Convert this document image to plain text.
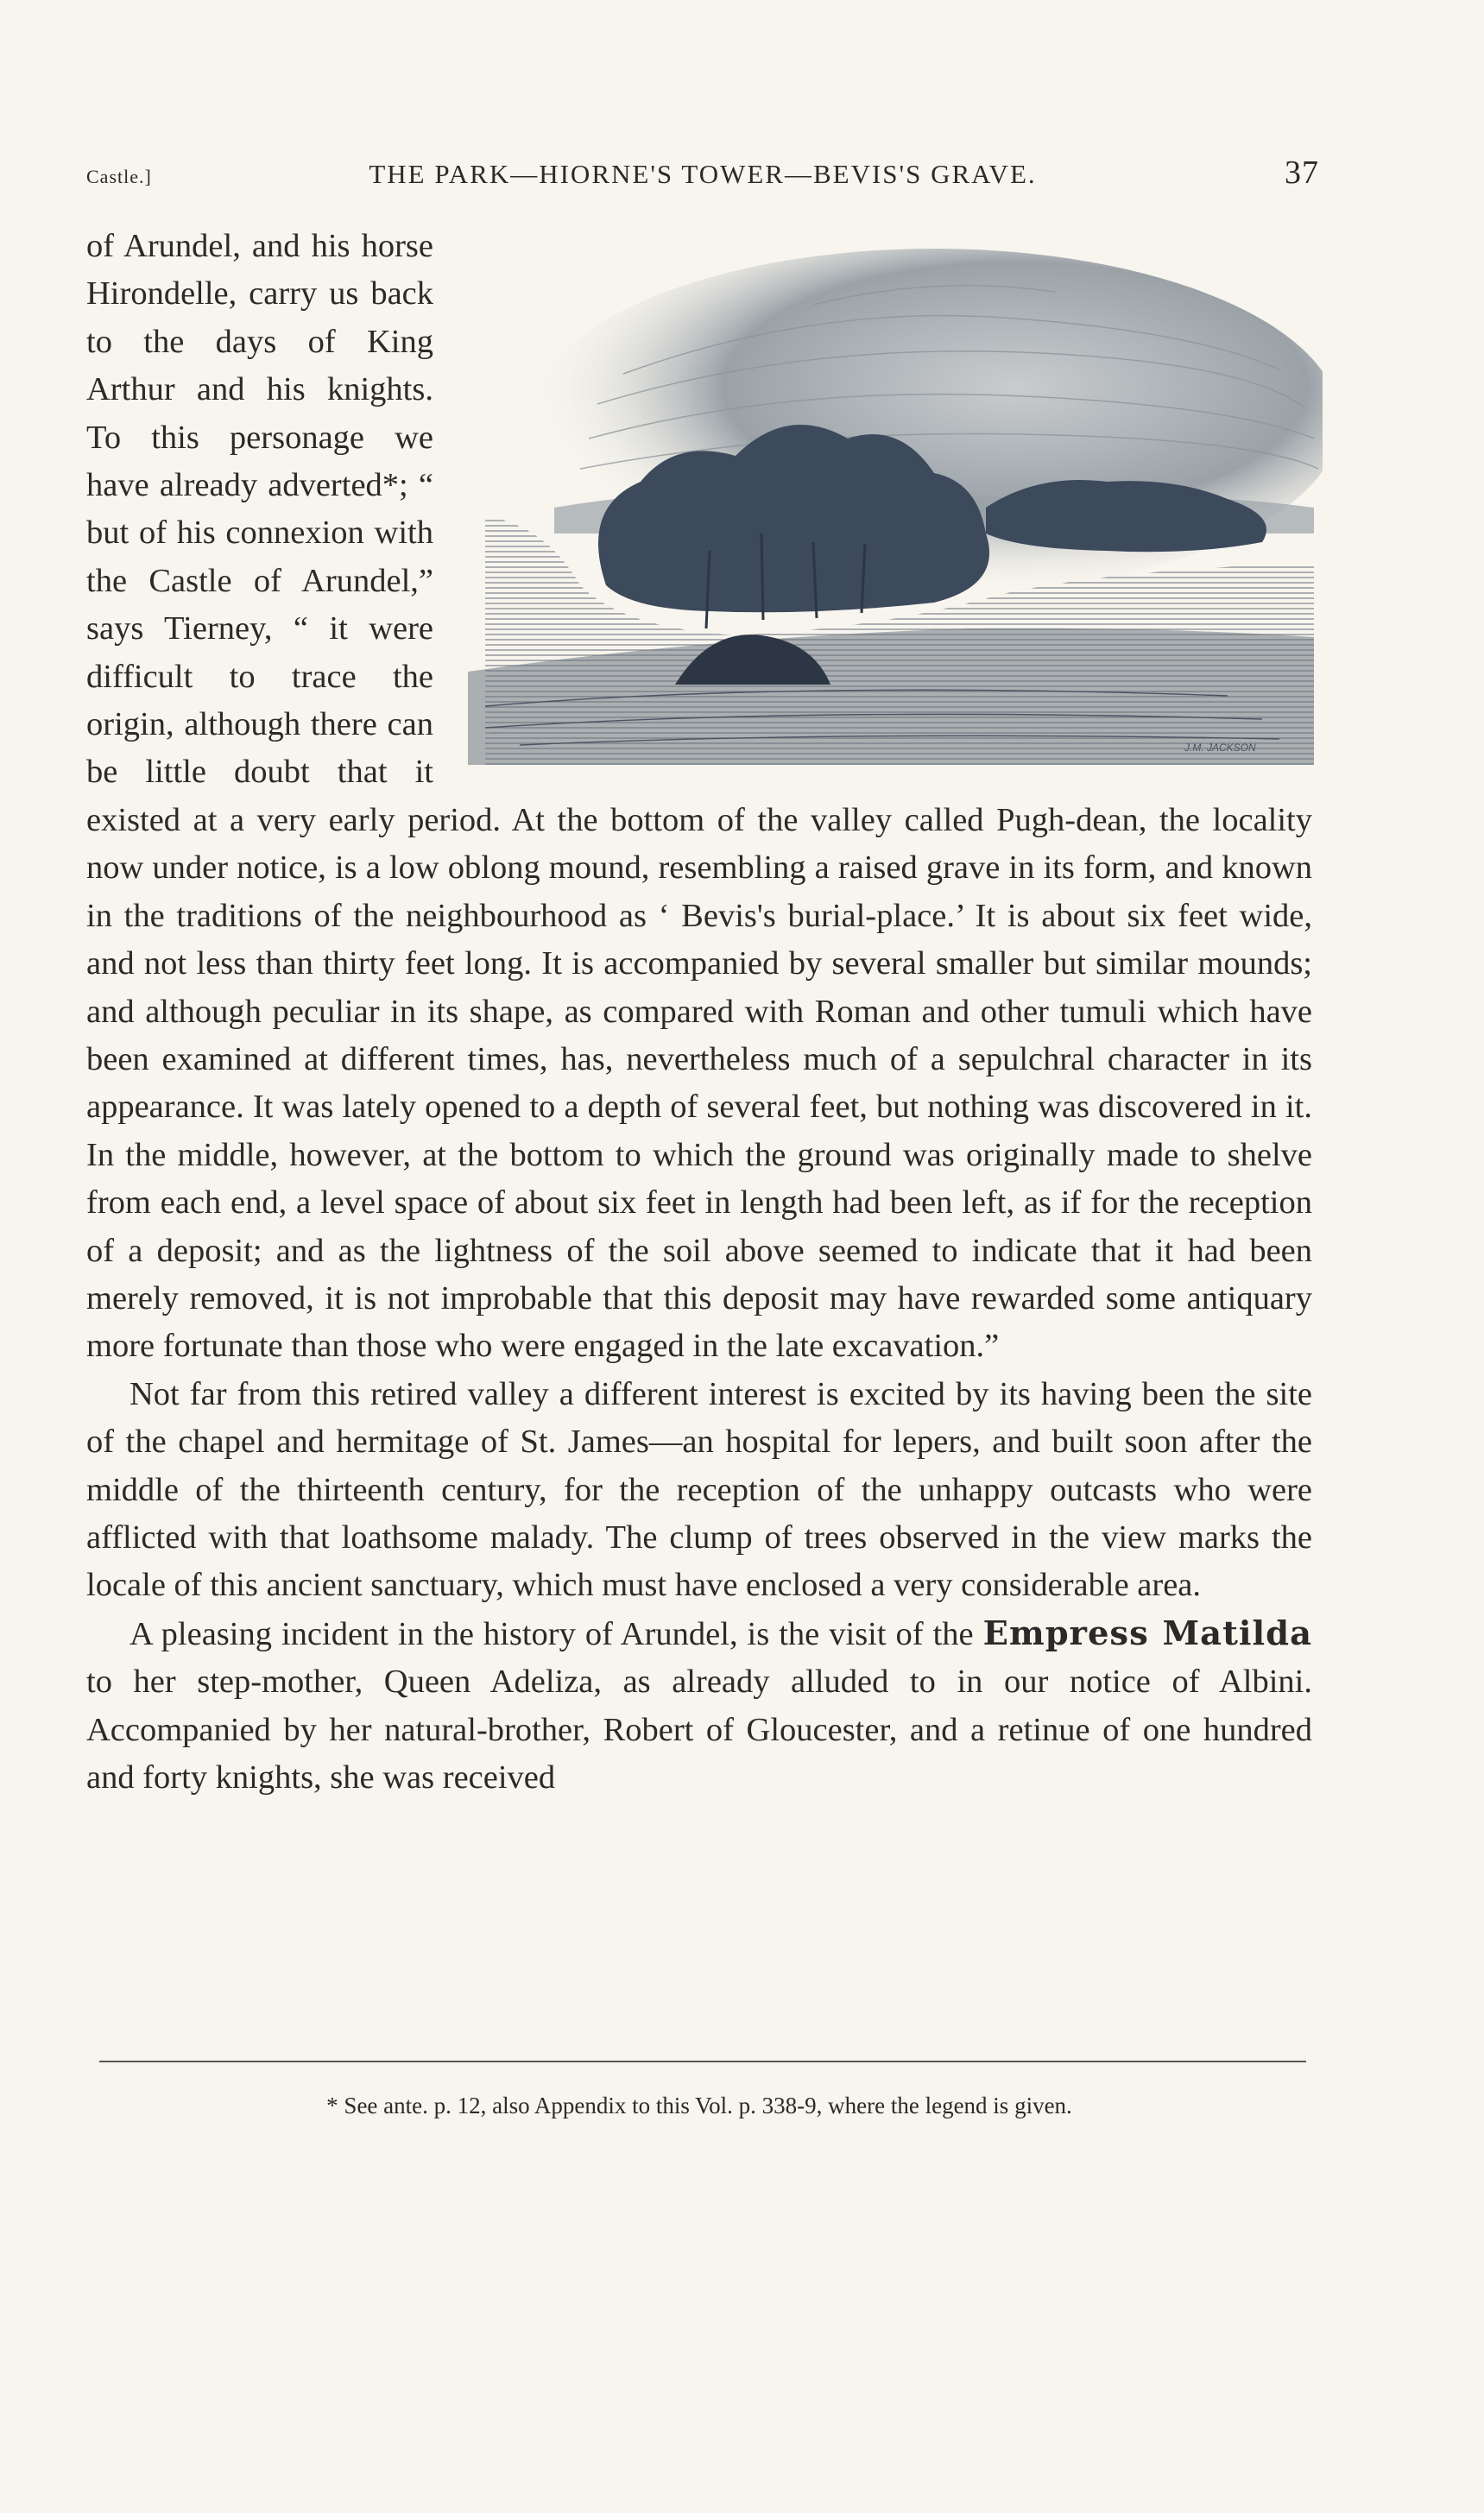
Castle.]	THE PARK—HIORNE'S TOWER—BEVIS'S GRAVE.	37
J.M. JACKSON

of Arundel, and his horse Hirondelle, carry us back to the days of King Arthur and his knights. To this personage we have already adverted*; “ but of his connexion with the Castle of Arundel,” says Tierney, “ it were difficult to trace the origin, although there can be little doubt that it existed at a very early period. At the bottom of the valley called Pugh-dean, the locality now under notice, is a low oblong mound, resembling a raised grave in its form, and known in the traditions of the neighbourhood as ‘ Bevis's burial-place.’ It is about six feet wide, and not less than thirty feet long. It is accompanied by several smaller but similar mounds; and although peculiar in its shape, as compared with Roman and other tumuli which have been examined at different times, has, nevertheless much of a sepulchral character in its appearance. It was lately opened to a depth of several feet, but nothing was discovered in it. In the middle, however, at the bottom to which the ground was originally made to shelve from each end, a level space of about six feet in length had been left, as if for the reception of a deposit; and as the lightness of the soil above seemed to indicate that it had been merely removed, it is not improbable that this deposit may have rewarded some antiquary more fortunate than those who were engaged in the late excavation.”

Not far from this retired valley a different interest is excited by its having been the site of the chapel and hermitage of St. James—an hospital for lepers, and built soon after the middle of the thirteenth century, for the reception of the unhappy outcasts who were afflicted with that loathsome malady. The clump of trees observed in the view marks the locale of this ancient sanctuary, which must have enclosed a very considerable area.

A pleasing incident in the history of Arundel, is the visit of the Empress Matilda to her step-mother, Queen Adeliza, as already alluded to in our notice of Albini. Accompanied by her natural-brother, Robert of Gloucester, and a retinue of one hundred and forty knights, she was received

* See ante. p. 12, also Appendix to this Vol. p. 338-9, where the legend is given.
